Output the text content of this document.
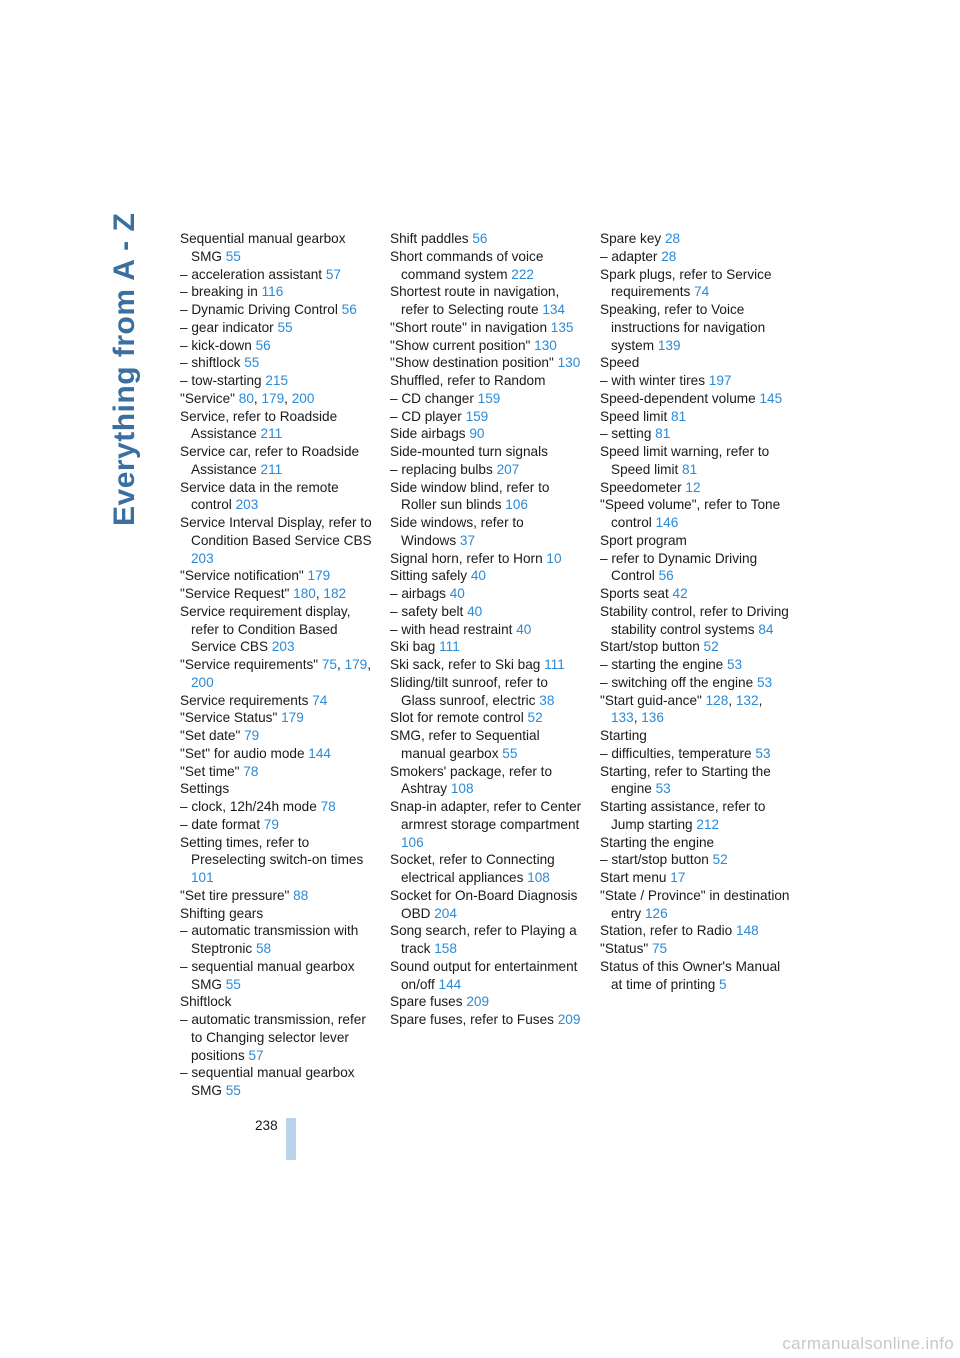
Everything from A - Z	Sequential manual gearbox SMG 55
– acceleration assistant 57
– breaking in 116
– Dynamic Driving Control 56
– gear indicator 55
– kick-down 56
– shiftlock 55
– tow-starting 215
"Service" 80, 179, 200
Service, refer to Roadside Assistance 211
Service car, refer to Roadside Assistance 211
Service data in the remote control 203
Service Interval Display, refer to Condition Based Service CBS 203
"Service notification" 179
"Service Request" 180, 182
Service requirement display, refer to Condition Based Service CBS 203
"Service requirements" 75, 179, 200
Service requirements 74
"Service Status" 179
"Set date" 79
"Set" for audio mode 144
"Set time" 78
Settings
– clock, 12h/24h mode 78
– date format 79
Setting times, refer to Preselecting switch-on times 101
"Set tire pressure" 88
Shifting gears
– automatic transmission with Steptronic 58
– sequential manual gearbox SMG 55
Shiftlock
– automatic transmission, refer to Changing selector lever positions 57
– sequential manual gearbox SMG 55
Shift paddles 56
Short commands of voice command system 222
Shortest route in navigation, refer to Selecting route 134
"Short route" in navigation 135
"Show current position" 130
"Show destination position" 130
Shuffled, refer to Random
– CD changer 159
– CD player 159
Side airbags 90
Side-mounted turn signals
– replacing bulbs 207
Side window blind, refer to Roller sun blinds 106
Side windows, refer to Windows 37
Signal horn, refer to Horn 10
Sitting safely 40
– airbags 40
– safety belt 40
– with head restraint 40
Ski bag 111
Ski sack, refer to Ski bag 111
Sliding/tilt sunroof, refer to Glass sunroof, electric 38
Slot for remote control 52
SMG, refer to Sequential manual gearbox 55
Smokers' package, refer to Ashtray 108
Snap-in adapter, refer to Center armrest storage compartment 106
Socket, refer to Connecting electrical appliances 108
Socket for On-Board Diagnosis OBD 204
Song search, refer to Playing a track 158
Sound output for entertainment on/off 144
Spare fuses 209
Spare fuses, refer to Fuses 209
Spare key 28
– adapter 28
Spark plugs, refer to Service requirements 74
Speaking, refer to Voice instructions for navigation system 139
Speed
– with winter tires 197
Speed-dependent volume 145
Speed limit 81
– setting 81
Speed limit warning, refer to Speed limit 81
Speedometer 12
"Speed volume", refer to Tone control 146
Sport program
– refer to Dynamic Driving Control 56
Sports seat 42
Stability control, refer to Driving stability control systems 84
Start/stop button 52
– starting the engine 53
– switching off the engine 53
"Start guid-ance" 128, 132, 133, 136
Starting
– difficulties, temperature 53
Starting, refer to Starting the engine 53
Starting assistance, refer to Jump starting 212
Starting the engine
– start/stop button 52
Start menu 17
"State / Province" in destination entry 126
Station, refer to Radio 148
"Status" 75
Status of this Owner's Manual at time of printing 5
238
carmanualsonline.info
